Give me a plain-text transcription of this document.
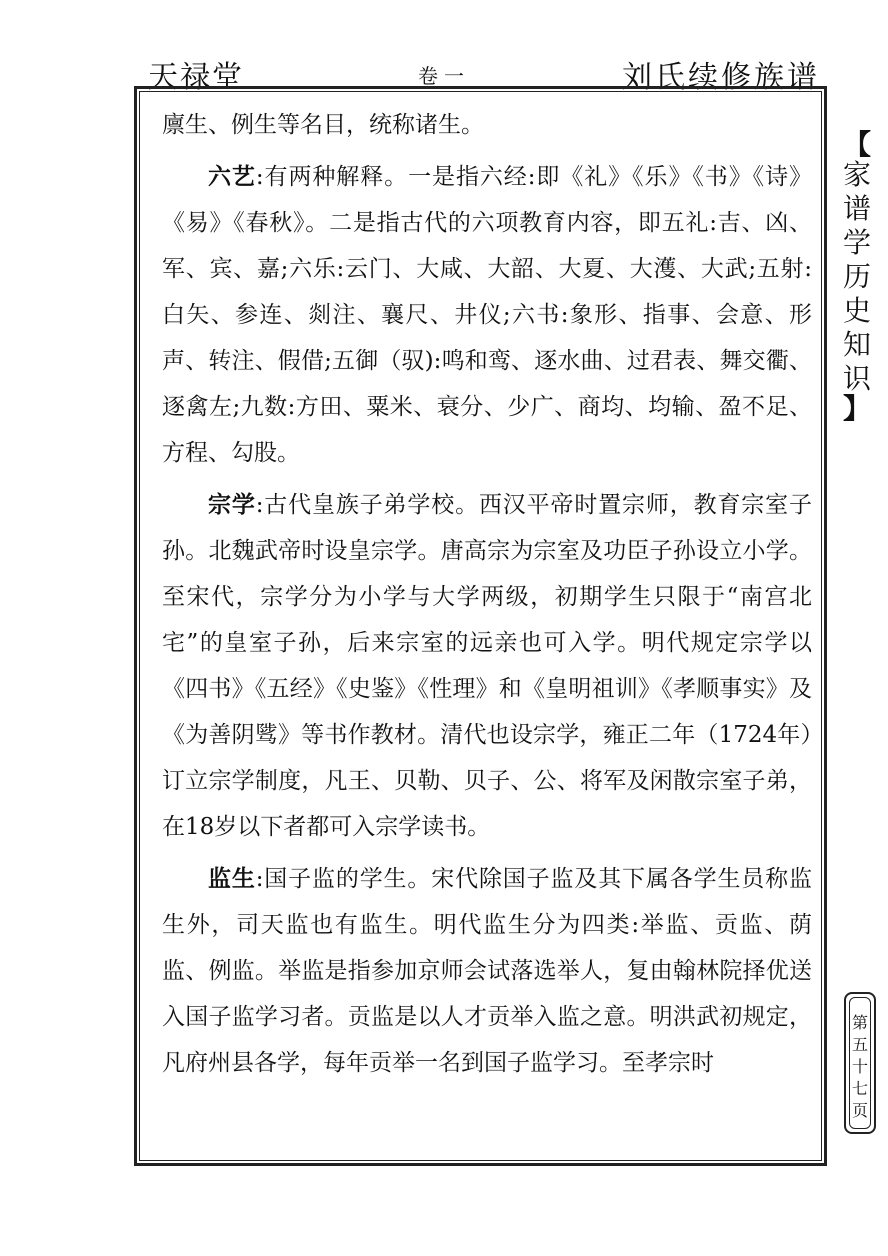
天禄堂	卷一	刘氏续修族谱

廪生、例生等名目，统称诸生。

六艺:有两种解释。一是指六经:即《礼》《乐》《书》《诗》《易》《春秋》。二是指古代的六项教育内容，即五礼:吉、凶、军、宾、嘉;六乐:云门、大咸、大韶、大夏、大濩、大武;五射:白矢、参连、剡注、襄尺、井仪;六书:象形、指事、会意、形声、转注、假借;五御（驭):鸣和鸾、逐水曲、过君表、舞交衢、逐禽左;九数:方田、粟米、衰分、少广、商均、均输、盈不足、方程、勾股。

宗学:古代皇族子弟学校。西汉平帝时置宗师，教育宗室子孙。北魏武帝时设皇宗学。唐高宗为宗室及功臣子孙设立小学。至宋代，宗学分为小学与大学两级，初期学生只限于“南宫北宅”的皇室子孙，后来宗室的远亲也可入学。明代规定宗学以《四书》《五经》《史鉴》《性理》和《皇明祖训》《孝顺事实》及《为善阴骘》等书作教材。清代也设宗学，雍正二年（1724年）订立宗学制度，凡王、贝勒、贝子、公、将军及闲散宗室子弟，在18岁以下者都可入宗学读书。

监生:国子监的学生。宋代除国子监及其下属各学生员称监生外，司天监也有监生。明代监生分为四类:举监、贡监、荫监、例监。举监是指参加京师会试落选举人，复由翰林院择优送入国子监学习者。贡监是以人才贡举入监之意。明洪武初规定，凡府州县各学，每年贡举一名到国子监学习。至孝宗时

【
家
谱
学
历
史
知
识
】
第
五
十
七
页
